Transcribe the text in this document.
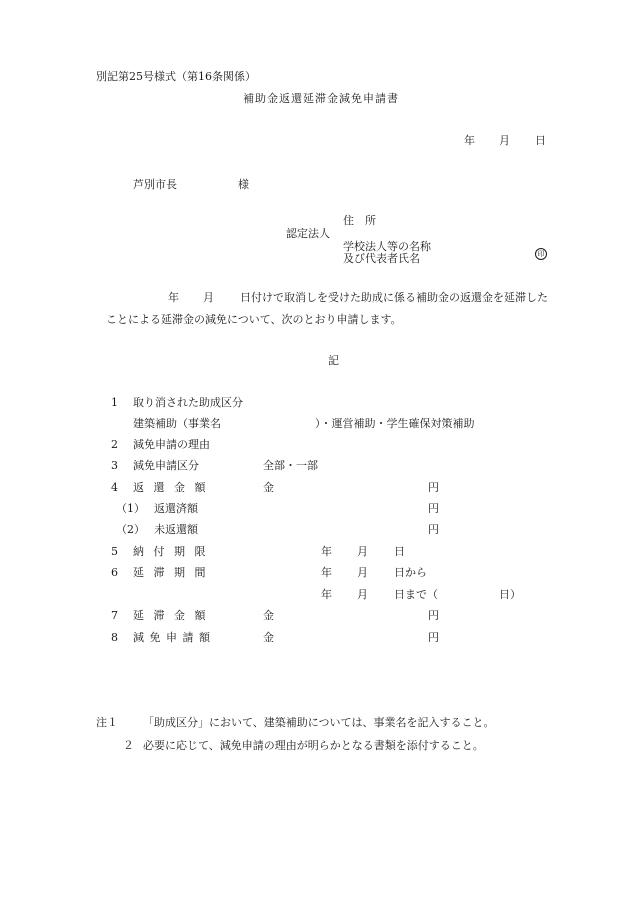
別記第25号様式（第16条関係）
補助金返還延滞金減免申請書
年 月 日
芦別市長	様
住　所
認定法人
学校法人等の名称
及び代表者氏名	印
年 月 日付けで取消しを受けた助成に係る補助金の返還金を延滞した
ことによる延滞金の減免について、次のとおり申請します。
記
1 取り消された助成区分
建築補助（事業名	）・運営補助・学生確保対策補助
2 減免申請の理由
3 減免申請区分	全部・一部
4 返 還 金 額	金	円
（1） 返還済額	円
（2） 未返還額	円
5 納 付 期 限	年 月 日
6 延 滞 期 間	年 月 日から
年 月 日まで（	日）
7 延 滞 金 額	金	円
8 減 免 申 請 額	金	円
注１ 「助成区分」において、建築補助については、事業名を記入すること。
２ 必要に応じて、減免申請の理由が明らかとなる書類を添付すること。
